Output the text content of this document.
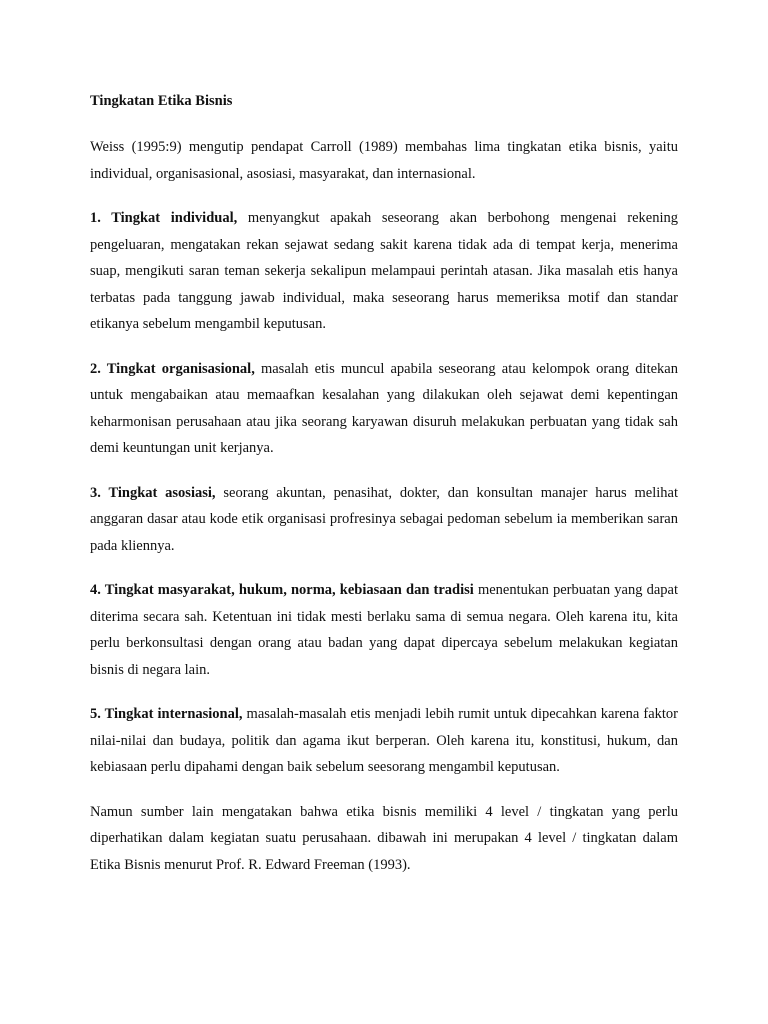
Tingkatan Etika Bisnis

Weiss (1995:9) mengutip pendapat Carroll (1989) membahas lima tingkatan etika bisnis, yaitu individual, organisasional, asosiasi, masyarakat, dan internasional.

1. Tingkat individual, menyangkut apakah seseorang akan berbohong mengenai rekening pengeluaran, mengatakan rekan sejawat sedang sakit karena tidak ada di tempat kerja, menerima suap, mengikuti saran teman sekerja sekalipun melampaui perintah atasan. Jika masalah etis hanya terbatas pada tanggung jawab individual, maka seseorang harus memeriksa motif dan standar etikanya sebelum mengambil keputusan.

2. Tingkat organisasional, masalah etis muncul apabila seseorang atau kelompok orang ditekan untuk mengabaikan atau memaafkan kesalahan yang dilakukan oleh sejawat demi kepentingan keharmonisan perusahaan atau jika seorang karyawan disuruh melakukan perbuatan yang tidak sah demi keuntungan unit kerjanya.

3. Tingkat asosiasi, seorang akuntan, penasihat, dokter, dan konsultan manajer harus melihat anggaran dasar atau kode etik organisasi profresinya sebagai pedoman sebelum ia memberikan saran pada kliennya.

4. Tingkat masyarakat, hukum, norma, kebiasaan dan tradisi menentukan perbuatan yang dapat diterima secara sah. Ketentuan ini tidak mesti berlaku sama di semua negara. Oleh karena itu, kita perlu berkonsultasi dengan orang atau badan yang dapat dipercaya sebelum melakukan kegiatan bisnis di negara lain.

5. Tingkat internasional, masalah-masalah etis menjadi lebih rumit untuk dipecahkan karena faktor nilai-nilai dan budaya, politik dan agama ikut berperan. Oleh karena itu, konstitusi, hukum, dan kebiasaan perlu dipahami dengan baik sebelum seesorang mengambil keputusan.

Namun sumber lain mengatakan bahwa etika bisnis memiliki 4 level / tingkatan yang perlu diperhatikan dalam kegiatan suatu perusahaan. dibawah ini merupakan 4 level / tingkatan dalam Etika Bisnis menurut Prof. R. Edward Freeman (1993).
